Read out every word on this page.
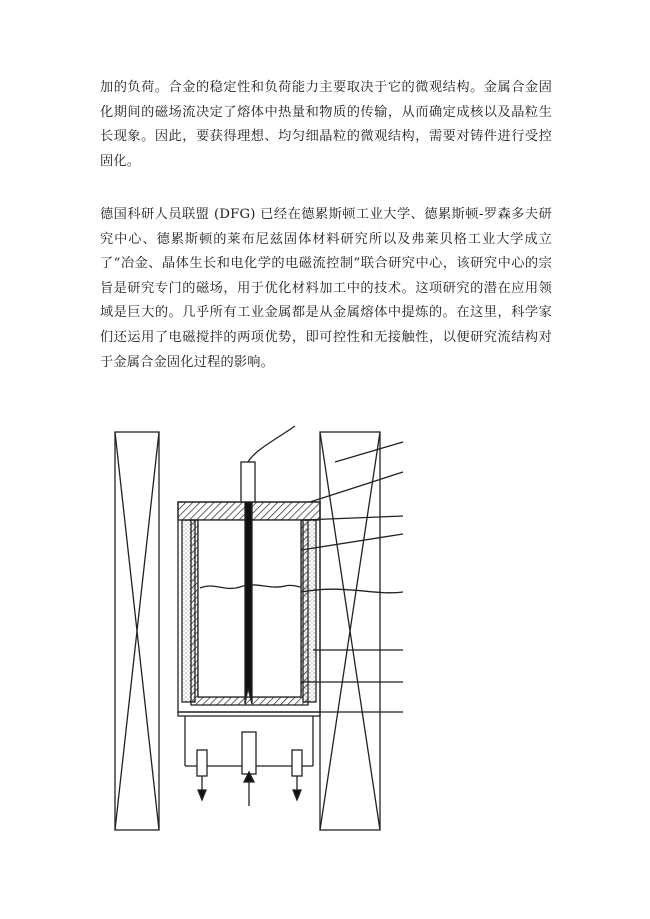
加的负荷。合金的稳定性和负荷能力主要取决于它的微观结构。金属合金固化期间的磁场流决定了熔体中热量和物质的传输，从而确定成核以及晶粒生长现象。因此，要获得理想、均匀细晶粒的微观结构，需要对铸件进行受控固化。
德国科研人员联盟 (DFG) 已经在德累斯顿工业大学、德累斯顿-罗森多夫研究中心、德累斯顿的莱布尼兹固体材料研究所以及弗莱贝格工业大学成立了“冶金、晶体生长和电化学的电磁流控制”联合研究中心，该研究中心的宗旨是研究专门的磁场，用于优化材料加工中的技术。这项研究的潜在应用领域是巨大的。几乎所有工业金属都是从金属熔体中提炼的。在这里，科学家们还运用了电磁搅拌的两项优势，即可控性和无接触性，以便研究流结构对于金属合金固化过程的影响。
